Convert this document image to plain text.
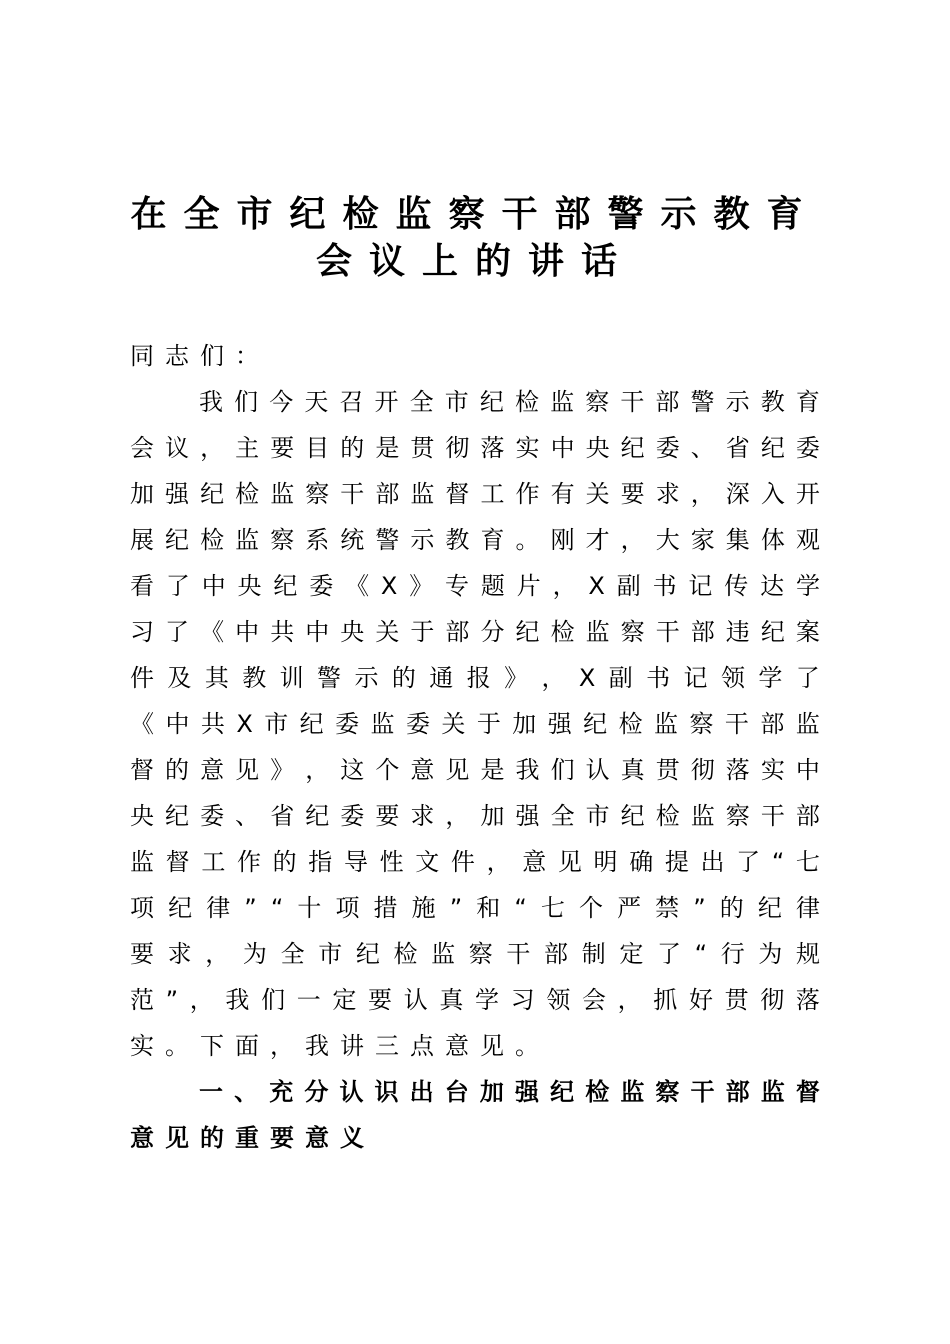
在全市纪检监察干部警示教育
会议上的讲话
同志们：
我 们 今 天 召 开 全 市 纪 检 监 察 干 部 警 示 教 育
会 议 ， 主 要 目 的 是 贯 彻 落 实 中 央 纪 委 、 省 纪 委
加 强 纪 检 监 察 干 部 监 督 工 作 有 关 要 求 ， 深 入 开
展 纪 检 监 察 系 统 警 示 教 育 。 刚 才 ， 大 家 集 体 观
看 了 中 央 纪 委 《 X 》 专 题 片 ， X 副 书 记 传 达 学
习 了 《 中 共 中 央 关 于 部 分 纪 检 监 察 干 部 违 纪 案
件 及 其 教 训 警 示 的 通 报 》 ， X 副 书 记 领 学 了
《 中 共 X 市 纪 委 监 委 关 于 加 强 纪 检 监 察 干 部 监
督 的 意 见 》 ， 这 个 意 见 是 我 们 认 真 贯 彻 落 实 中
央 纪 委 、 省 纪 委 要 求 ， 加 强 全 市 纪 检 监 察 干 部
监 督 工 作 的 指 导 性 文 件 ， 意 见 明 确 提 出 了 “ 七
项 纪 律 ” “ 十 项 措 施 ” 和 “ 七 个 严 禁 ” 的 纪 律
要 求 ， 为 全 市 纪 检 监 察 干 部 制 定 了 “ 行 为 规
范 ” ， 我 们 一 定 要 认 真 学 习 领 会 ， 抓 好 贯 彻 落
实。下面，我讲三点意见。
一 、 充 分 认 识 出 台 加 强 纪 检 监 察 干 部 监 督
意见的重要意义
